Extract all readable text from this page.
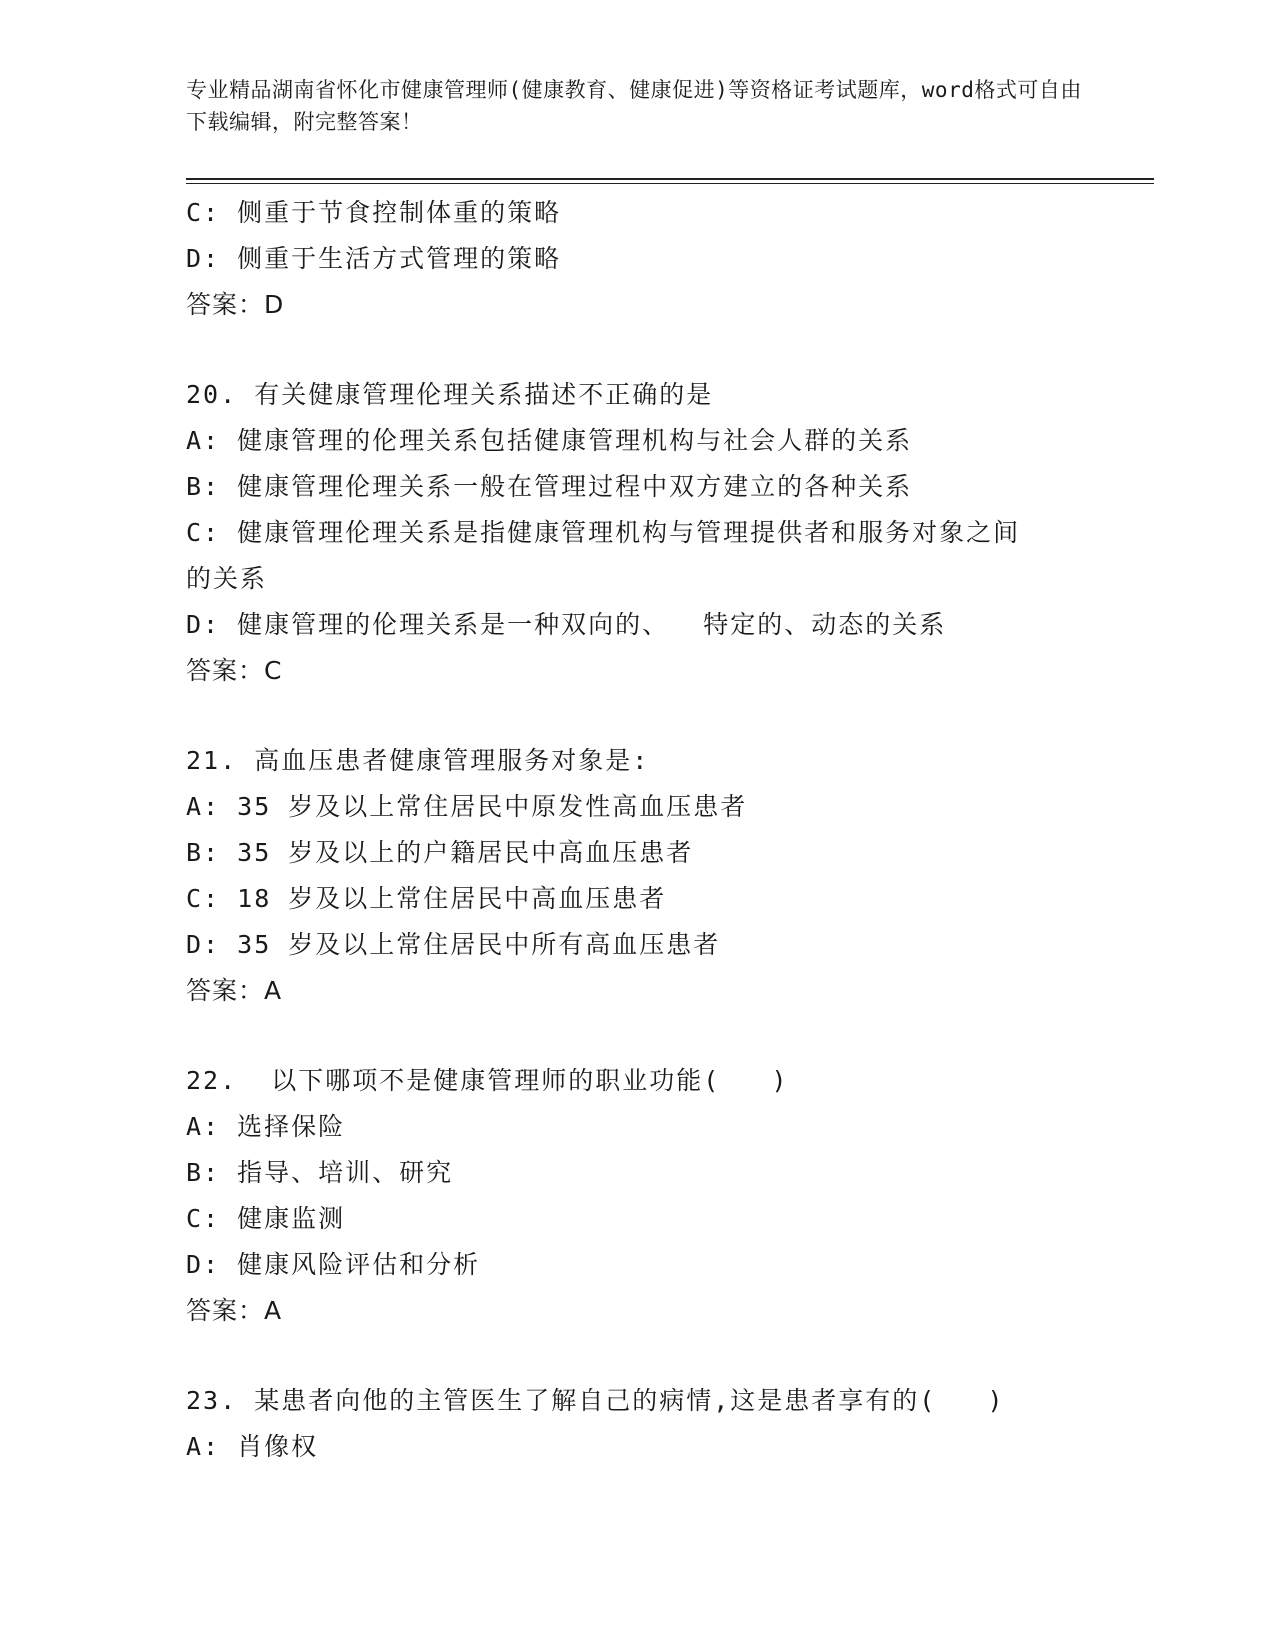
专业精品湖南省怀化市健康管理师(健康教育、健康促进)等资格证考试题库，word格式可自由下载编辑，附完整答案！
C: 侧重于节食控制体重的策略
D: 侧重于生活方式管理的策略
答案：D
20. 有关健康管理伦理关系描述不正确的是
A: 健康管理的伦理关系包括健康管理机构与社会人群的关系
B: 健康管理伦理关系一般在管理过程中双方建立的各种关系
C: 健康管理伦理关系是指健康管理机构与管理提供者和服务对象之间的关系
D: 健康管理的伦理关系是一种双向的、  特定的、动态的关系
答案：C
21. 高血压患者健康管理服务对象是:
A: 35 岁及以上常住居民中原发性高血压患者
B: 35 岁及以上的户籍居民中高血压患者
C: 18 岁及以上常住居民中高血压患者
D: 35 岁及以上常住居民中所有高血压患者
答案：A
22.  以下哪项不是健康管理师的职业功能(   )
A: 选择保险
B: 指导、培训、研究
C: 健康监测
D: 健康风险评估和分析
答案：A
23. 某患者向他的主管医生了解自己的病情,这是患者享有的(   )
A: 肖像权
